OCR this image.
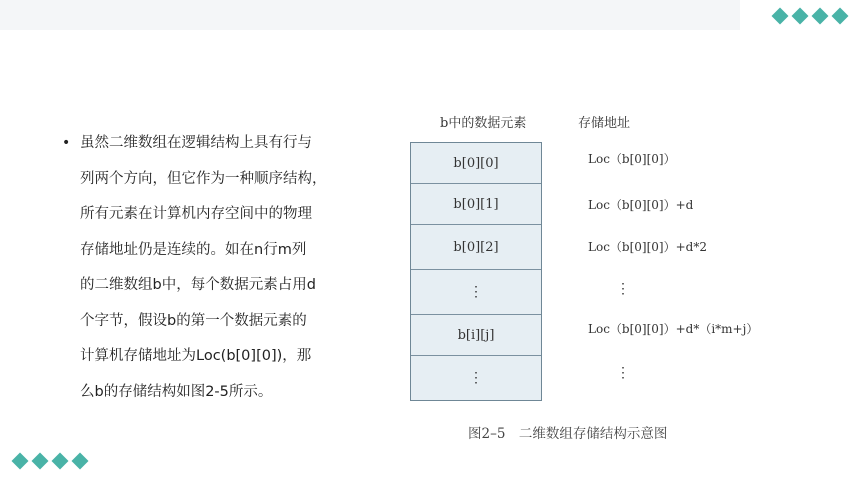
• 虽然二维数组在逻辑结构上具有行与
列两个方向，但它作为一种顺序结构，
所有元素在计算机内存空间中的物理
存储地址仍是连续的。如在n行m列
的二维数组b中，每个数据元素占用d
个字节，假设b的第一个数据元素的
计算机存储地址为Loc(b[0][0])，那
么b的存储结构如图2-5所示。
b中的数据元素	存储地址
b[0][0]
b[0][1]
b[0][2]
⋮
b[i][j]
⋮
Loc（b[0][0]）
Loc（b[0][0]）+d
Loc（b[0][0]）+d*2
⋮
Loc（b[0][0]）+d*（i*m+j）
⋮
图2–5　二维数组存储结构示意图
